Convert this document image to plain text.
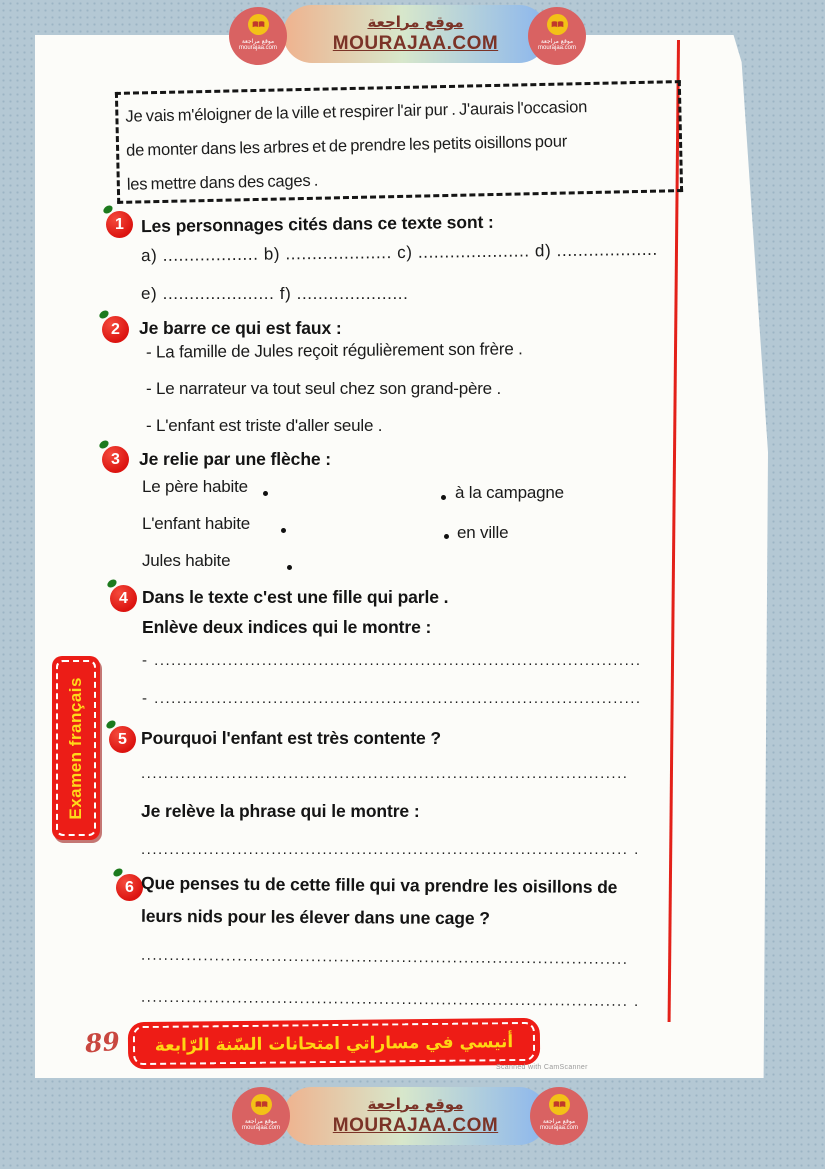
Je vais m'éloigner de la ville et respirer l'air pur . J'aurais l'occasion
de monter dans les arbres et de prendre les petits oisillons pour
les mettre dans des cages .
1 Les personnages cités dans ce texte sont :
a) .................. b) .................... c) ..................... d) ...................
e) ..................... f) .....................
2	Je barre ce qui est faux :
- La famille de Jules reçoit régulièrement son frère .
- Le narrateur va tout seul chez son grand-père .
- L'enfant est triste d'aller seule .
3	Je relie par une flèche :
Le père habite
L'enfant habite
Jules habite
à la campagne
en ville
4 Dans le texte c'est une fille qui parle .
Enlève deux indices qui le montre :
- ......................................................................................
- ......................................................................................
5 Pourquoi l'enfant est très contente ?
......................................................................................
Je relève la phrase qui le montre :
...................................................................................... .
6 Que penses tu de cette fille qui va prendre les oisillons de
leurs nids pour les élever dans une cage ?
......................................................................................
...................................................................................... .
Examen français
أنيسي في مساراتي امتحانات السّنة الرّابعة
89
Scanned with CamScanner
موقع مراجعة
MOURAJAA.COM
موقع مراجعة
mourajaa.com
موقع مراجعة
mourajaa.com
موقع مراجعة
MOURAJAA.COM
موقع مراجعة
mourajaa.com
موقع مراجعة
mourajaa.com
